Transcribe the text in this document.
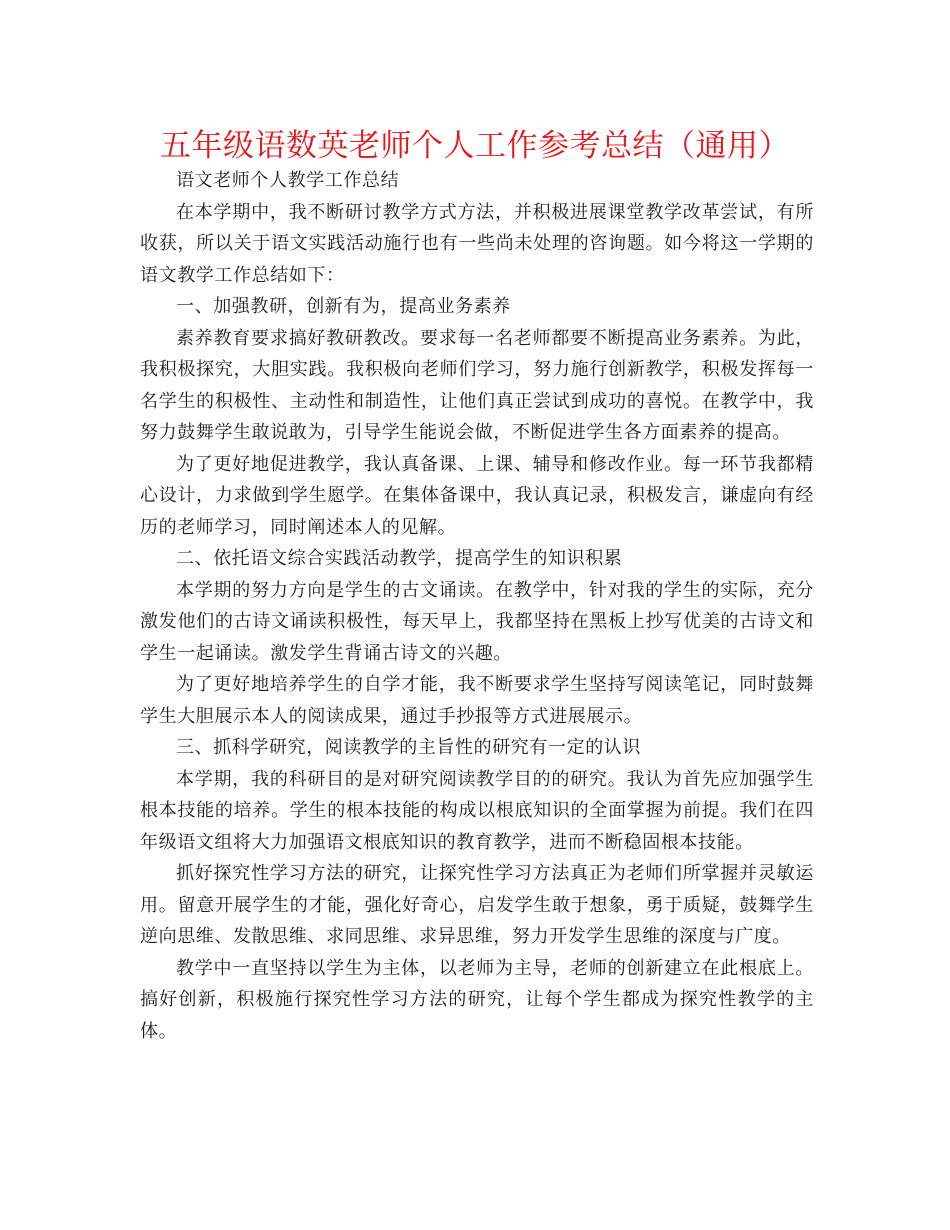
五年级语数英老师个人工作参考总结（通用）

语文老师个人教学工作总结

在本学期中，我不断研讨教学方式方法，并积极进展课堂教学改革尝试，有所收获，所以关于语文实践活动施行也有一些尚未处理的咨询题。如今将这一学期的语文教学工作总结如下：

一、加强教研，创新有为，提高业务素养

素养教育要求搞好教研教改。要求每一名老师都要不断提高业务素养。为此，我积极探究，大胆实践。我积极向老师们学习，努力施行创新教学，积极发挥每一名学生的积极性、主动性和制造性，让他们真正尝试到成功的喜悦。在教学中，我努力鼓舞学生敢说敢为，引导学生能说会做，不断促进学生各方面素养的提高。

为了更好地促进教学，我认真备课、上课、辅导和修改作业。每一环节我都精心设计，力求做到学生愿学。在集体备课中，我认真记录，积极发言，谦虚向有经历的老师学习，同时阐述本人的见解。

二、依托语文综合实践活动教学，提高学生的知识积累

本学期的努力方向是学生的古文诵读。在教学中，针对我的学生的实际，充分激发他们的古诗文诵读积极性，每天早上，我都坚持在黑板上抄写优美的古诗文和学生一起诵读。激发学生背诵古诗文的兴趣。

为了更好地培养学生的自学才能，我不断要求学生坚持写阅读笔记，同时鼓舞学生大胆展示本人的阅读成果，通过手抄报等方式进展展示。

三、抓科学研究，阅读教学的主旨性的研究有一定的认识

本学期，我的科研目的是对研究阅读教学目的的研究。我认为首先应加强学生根本技能的培养。学生的根本技能的构成以根底知识的全面掌握为前提。我们在四年级语文组将大力加强语文根底知识的教育教学，进而不断稳固根本技能。

抓好探究性学习方法的研究，让探究性学习方法真正为老师们所掌握并灵敏运用。留意开展学生的才能，强化好奇心，启发学生敢于想象，勇于质疑，鼓舞学生逆向思维、发散思维、求同思维、求异思维，努力开发学生思维的深度与广度。

教学中一直坚持以学生为主体，以老师为主导，老师的创新建立在此根底上。搞好创新，积极施行探究性学习方法的研究，让每个学生都成为探究性教学的主体。
